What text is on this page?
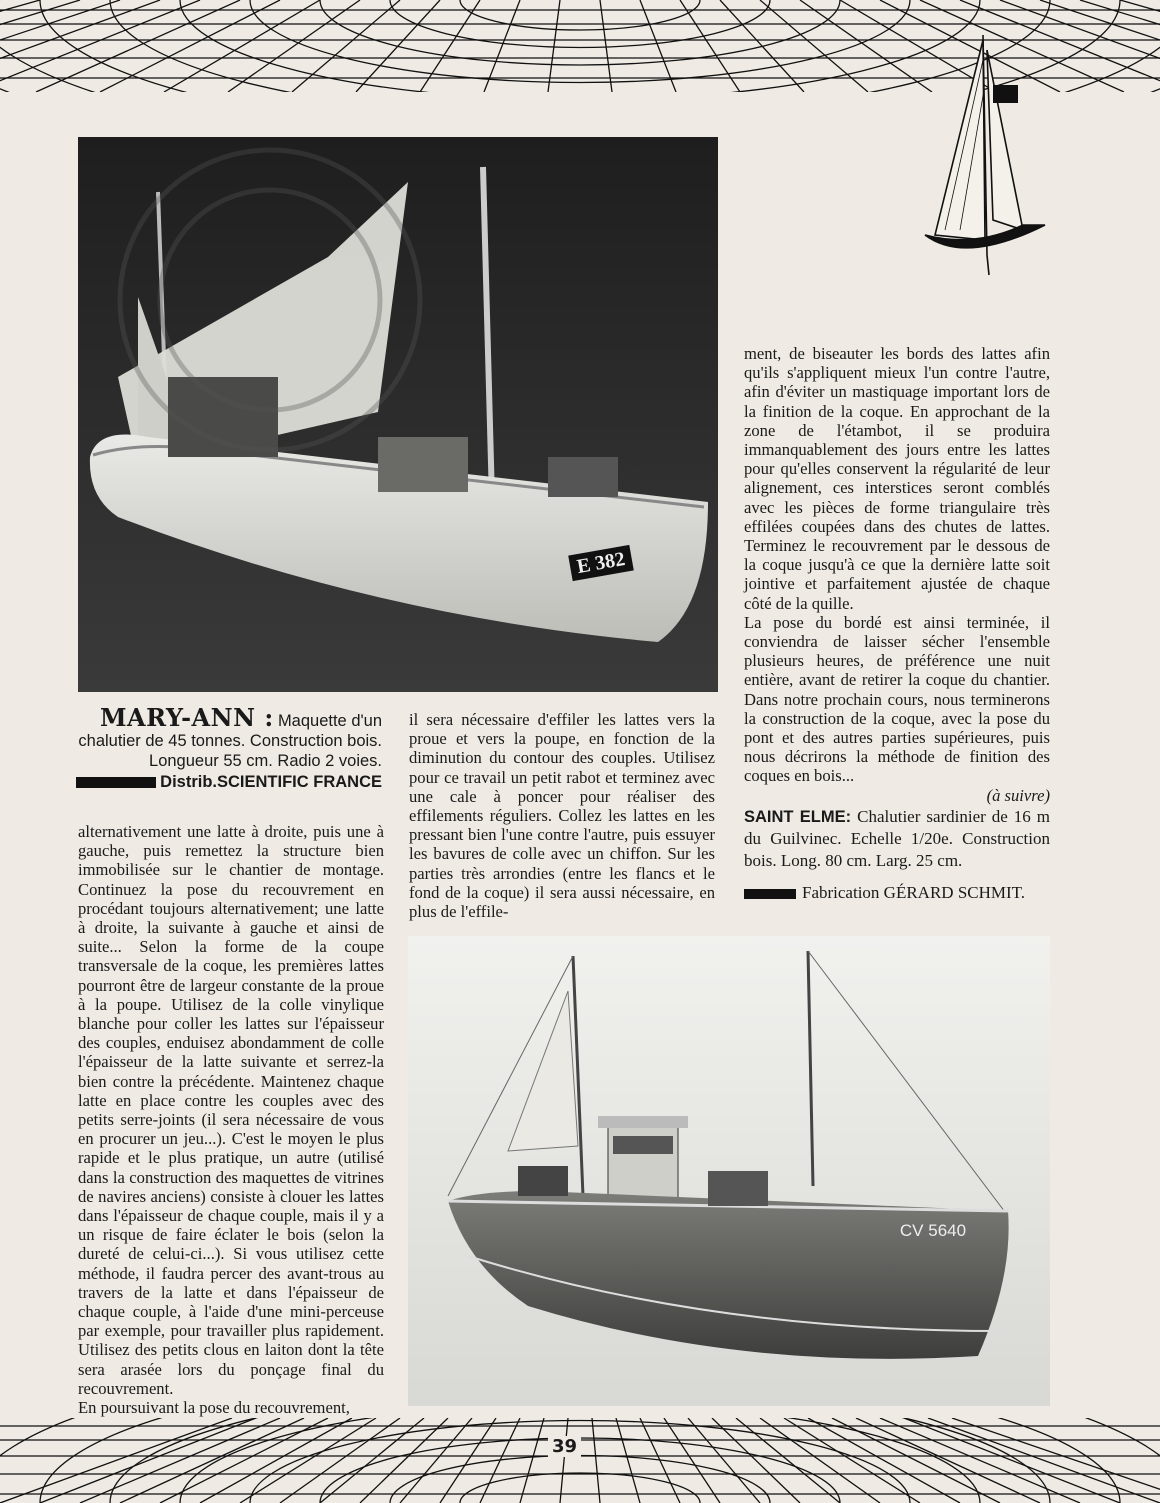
E 382
MARY-ANN : Maquette d'un chalutier de 45 tonnes. Construction bois. Longueur 55 cm. Radio 2 voies.
Distrib.SCIENTIFIC FRANCE

alternativement une latte à droite, puis une à gauche, puis remettez la structure bien immobilisée sur le chantier de montage. Continuez la pose du recouvrement en procédant toujours alternativement; une latte à droite, la suivante à gauche et ainsi de suite... Selon la forme de la coupe transversale de la coque, les premières lattes pourront être de largeur constante de la proue à la poupe. Utilisez de la colle vinylique blanche pour coller les lattes sur l'épaisseur des couples, enduisez abondamment de colle l'épaisseur de la latte suivante et serrez-la bien contre la précédente. Maintenez chaque latte en place contre les couples avec des petits serre-joints (il sera nécessaire de vous en procurer un jeu...). C'est le moyen le plus rapide et le plus pratique, un autre (utilisé dans la construction des maquettes de vitrines de navires anciens) consiste à clouer les lattes dans l'épaisseur de chaque couple, mais il y a un risque de faire éclater le bois (selon la dureté de celui-ci...). Si vous utilisez cette méthode, il faudra percer des avant-trous au travers de la latte et dans l'épaisseur de chaque couple, à l'aide d'une mini-perceuse par exemple, pour travailler plus rapidement. Utilisez des petits clous en laiton dont la tête sera arasée lors du ponçage final du recouvrement.

En poursuivant la pose du recouvrement,

il sera nécessaire d'effiler les lattes vers la proue et vers la poupe, en fonction de la diminution du contour des couples. Utilisez pour ce travail un petit rabot et terminez avec une cale à poncer pour réaliser des effilements réguliers. Collez les lattes en les pressant bien l'une contre l'autre, puis essuyer les bavures de colle avec un chiffon. Sur les parties très arrondies (entre les flancs et le fond de la coque) il sera aussi nécessaire, en plus de l'effile-

ment, de biseauter les bords des lattes afin qu'ils s'appliquent mieux l'un contre l'autre, afin d'éviter un mastiquage important lors de la finition de la coque. En approchant de la zone de l'étambot, il se produira immanquablement des jours entre les lattes pour qu'elles conservent la régularité de leur alignement, ces interstices seront comblés avec les pièces de forme triangulaire très effilées coupées dans des chutes de lattes. Terminez le recouvrement par le dessous de la coque jusqu'à ce que la dernière latte soit jointive et parfaitement ajustée de chaque côté de la quille.

La pose du bordé est ainsi terminée, il conviendra de laisser sécher l'ensemble plusieurs heures, de préférence une nuit entière, avant de retirer la coque du chantier. Dans notre prochain cours, nous terminerons la construction de la coque, avec la pose du pont et des autres parties supérieures, puis nous décrirons la méthode de finition des coques en bois...

(à suivre)

SAINT ELME: Chalutier sardinier de 16 m du Guilvinec. Echelle 1/20e. Construction bois. Long. 80 cm. Larg. 25 cm.
Fabrication GÉRARD SCHMIT.
CV 5640
39
